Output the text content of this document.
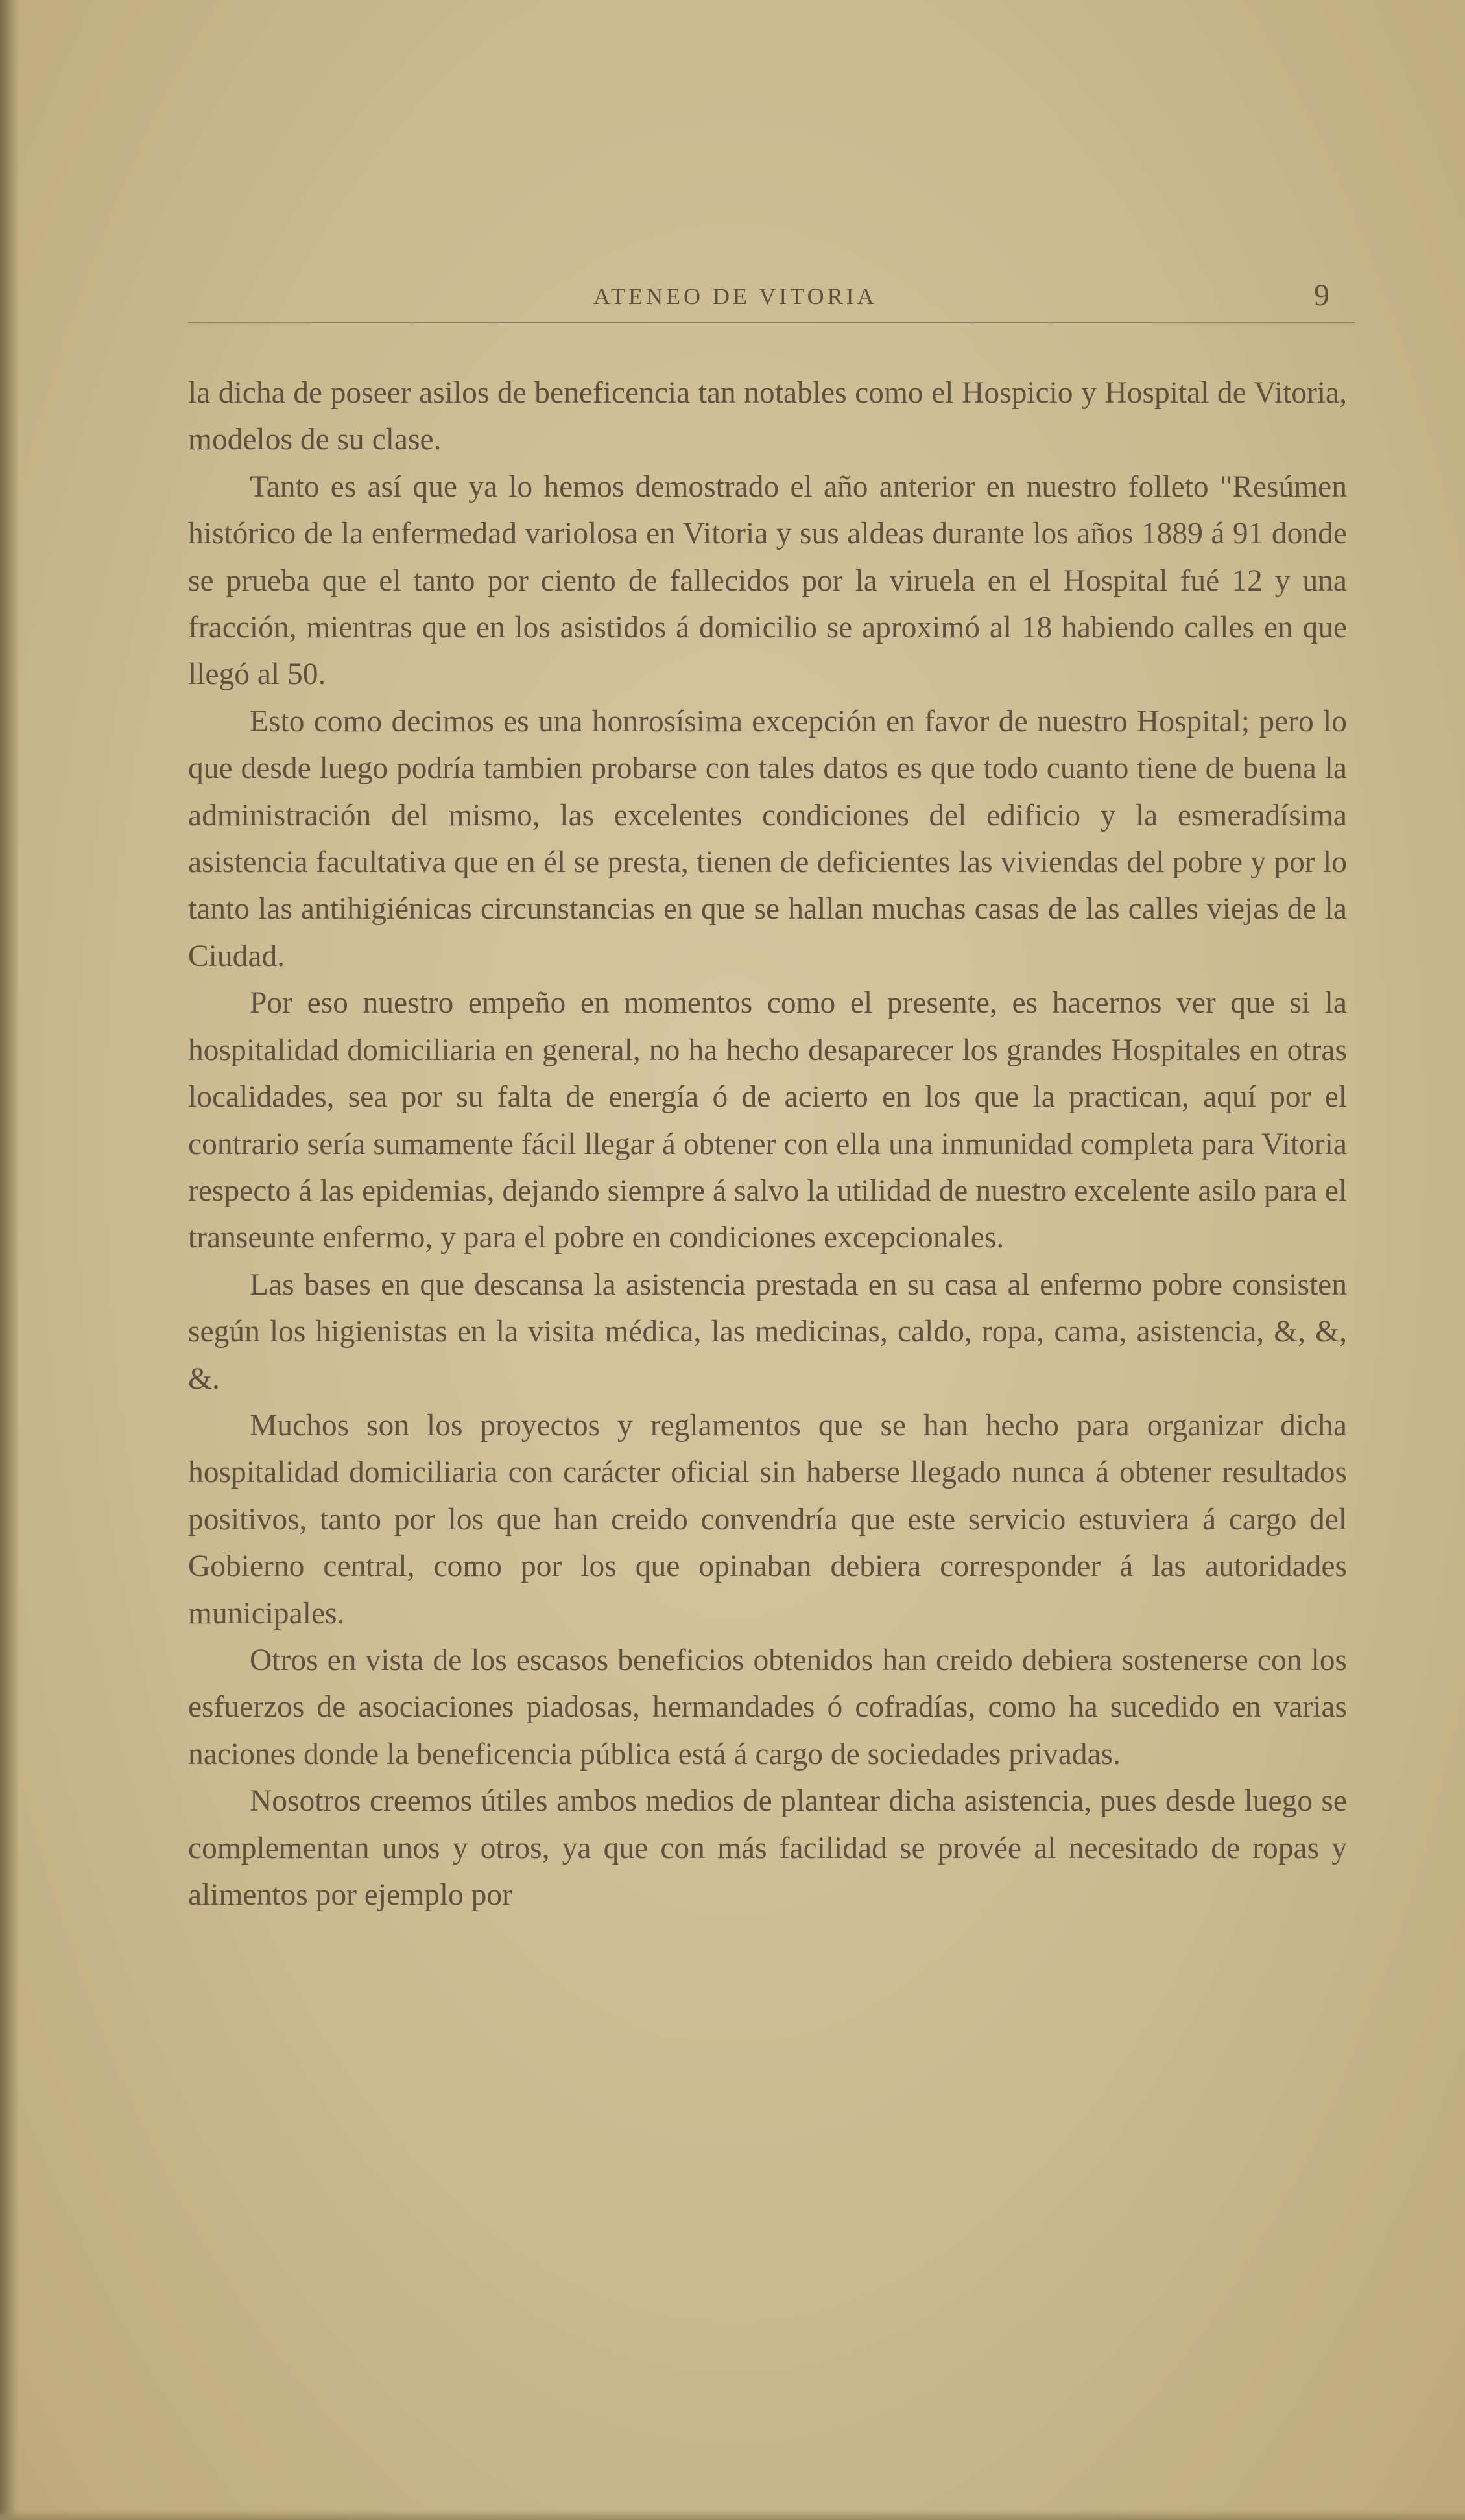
ATENEO DE VITORIA	9

la dicha de poseer asilos de beneficencia tan notables como el Hospicio y Hospital de Vitoria, modelos de su clase.

Tanto es así que ya lo hemos demostrado el año anterior en nuestro folleto "Resúmen histórico de la enfermedad variolosa en Vitoria y sus aldeas durante los años 1889 á 91 donde se prueba que el tanto por ciento de fallecidos por la viruela en el Hospital fué 12 y una fracción, mientras que en los asistidos á domicilio se aproximó al 18 habiendo calles en que llegó al 50.

Esto como decimos es una honrosísima excepción en favor de nuestro Hospital; pero lo que desde luego podría tambien probarse con tales datos es que todo cuanto tiene de buena la administración del mismo, las excelentes condiciones del edificio y la esmeradísima asistencia facultativa que en él se presta, tienen de deficientes las viviendas del pobre y por lo tanto las antihigiénicas circunstancias en que se hallan muchas casas de las calles viejas de la Ciudad.

Por eso nuestro empeño en momentos como el presente, es hacernos ver que si la hospitalidad domiciliaria en general, no ha hecho desaparecer los grandes Hospitales en otras localidades, sea por su falta de energía ó de acierto en los que la practican, aquí por el contrario sería sumamente fácil llegar á obtener con ella una inmunidad completa para Vitoria respecto á las epidemias, dejando siempre á salvo la utilidad de nuestro excelente asilo para el transeunte enfermo, y para el pobre en condiciones excepcionales.

Las bases en que descansa la asistencia prestada en su casa al enfermo pobre consisten según los higienistas en la visita médica, las medicinas, caldo, ropa, cama, asistencia, &, &, &.

Muchos son los proyectos y reglamentos que se han hecho para organizar dicha hospitalidad domiciliaria con carácter oficial sin haberse llegado nunca á obtener resultados positivos, tanto por los que han creido convendría que este servicio estuviera á cargo del Gobierno central, como por los que opinaban debiera corresponder á las autoridades municipales.

Otros en vista de los escasos beneficios obtenidos han creido debiera sostenerse con los esfuerzos de asociaciones piadosas, hermandades ó cofradías, como ha sucedido en varias naciones donde la beneficencia pública está á cargo de sociedades privadas.

Nosotros creemos útiles ambos medios de plantear dicha asistencia, pues desde luego se complementan unos y otros, ya que con más facilidad se provée al necesitado de ropas y alimentos por ejemplo por
